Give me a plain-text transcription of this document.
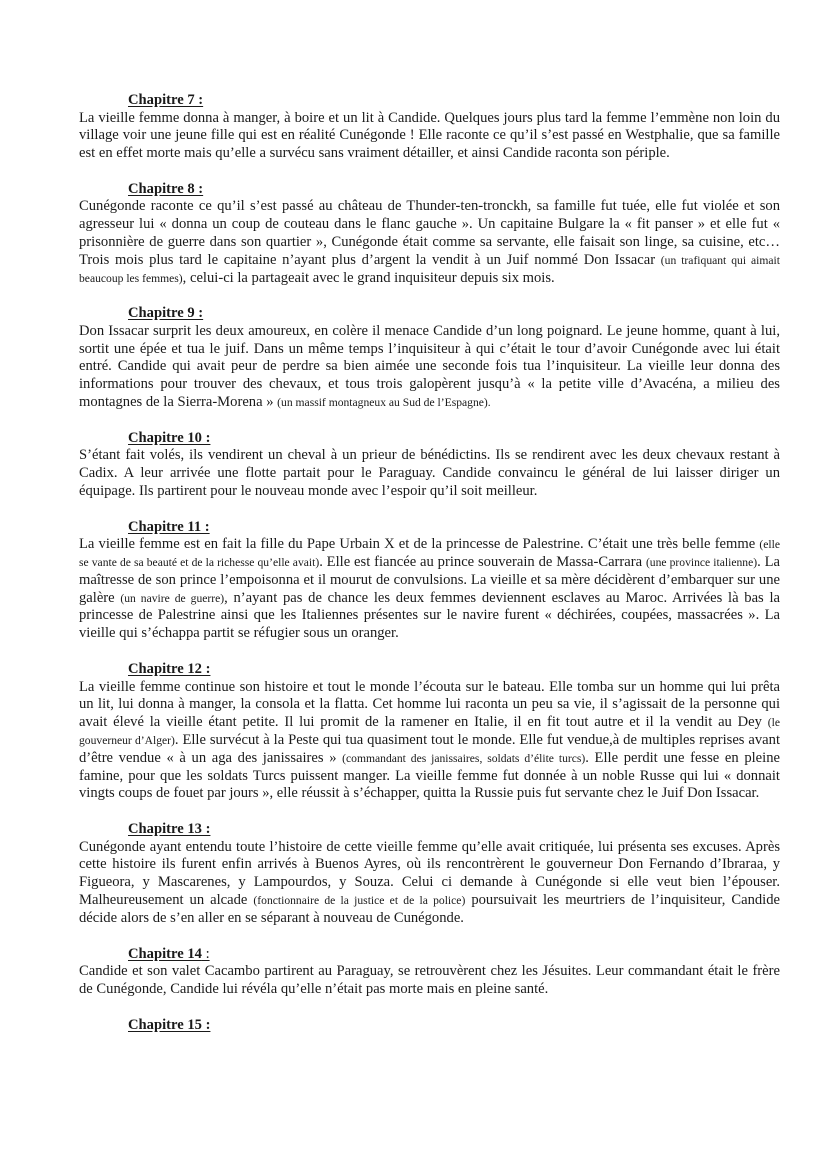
Chapitre 7 :

La vieille femme donna à manger, à boire et un lit à Candide. Quelques jours plus tard la femme l’emmène non loin du village voir une jeune fille qui est en réalité Cunégonde ! Elle raconte ce qu’il s’est passé en Westphalie, que sa famille est en effet morte mais qu’elle a survécu sans vraiment détailler, et ainsi Candide raconta son périple.

Chapitre 8 :

Cunégonde raconte ce qu’il s’est passé au château de Thunder-ten-tronckh, sa famille fut tuée, elle fut violée et son agresseur lui « donna un coup de couteau dans le flanc gauche ». Un capitaine Bulgare la « fit panser » et elle fut « prisonnière de guerre dans son quartier », Cunégonde était comme sa servante, elle faisait son linge, sa cuisine, etc… Trois mois plus tard le capitaine n’ayant plus d’argent la vendit à un Juif nommé Don Issacar (un trafiquant qui aimait beaucoup les femmes), celui-ci la partageait avec le grand inquisiteur depuis six mois.

Chapitre 9 :

Don Issacar surprit les deux amoureux, en colère il menace Candide d’un long poignard. Le jeune homme, quant à lui, sortit une épée et tua le juif. Dans un même temps l’inquisiteur à qui c’était le tour d’avoir Cunégonde avec lui était entré. Candide qui avait peur de perdre sa bien aimée une seconde fois tua l’inquisiteur. La vieille leur donna des informations pour trouver des chevaux, et tous trois galopèrent jusqu’à « la petite ville d’Avacéna, a milieu des montagnes de la Sierra-Morena » (un massif montagneux au Sud de l’Espagne).

Chapitre 10 :

S’étant fait volés, ils vendirent un cheval à un prieur de bénédictins. Ils se rendirent avec les deux chevaux restant à Cadix. A leur arrivée une flotte partait pour le Paraguay. Candide convaincu le général de lui laisser diriger un équipage. Ils partirent pour le nouveau monde avec l’espoir qu’il soit meilleur.

Chapitre 11 :

La vieille femme est en fait la fille du Pape Urbain X et de la princesse de Palestrine. C’était une très belle femme (elle se vante de sa beauté et de la richesse qu’elle avait). Elle est fiancée au prince souverain de Massa-Carrara (une province italienne). La maîtresse de son prince l’empoisonna et il mourut de convulsions. La vieille et sa mère décidèrent d’embarquer sur une galère (un navire de guerre), n’ayant pas de chance les deux femmes deviennent esclaves au Maroc. Arrivées là bas la princesse de Palestrine ainsi que les Italiennes présentes sur le navire furent « déchirées, coupées, massacrées ». La vieille qui s’échappa partit se réfugier sous un oranger.

Chapitre 12 :

La vieille femme continue son histoire et tout le monde l’écouta sur le bateau. Elle tomba sur un homme qui lui prêta un lit, lui donna à manger, la consola et la flatta. Cet homme lui raconta un peu sa vie, il s’agissait de la personne qui avait élevé la vieille étant petite. Il lui promit de la ramener en Italie, il en fit tout autre et il la vendit au Dey (le gouverneur d’Alger). Elle survécut à la Peste qui tua quasiment tout le monde. Elle fut vendue,à de multiples reprises avant d’être vendue « à un aga des janissaires » (commandant des janissaires, soldats d’élite turcs). Elle perdit une fesse en pleine famine, pour que les soldats Turcs puissent manger. La vieille femme fut donnée à un noble Russe qui lui « donnait vingts coups de fouet par jours », elle réussit à s’échapper, quitta la Russie puis fut servante chez le Juif Don Issacar.

Chapitre 13 :

Cunégonde ayant entendu toute l’histoire de cette vieille femme qu’elle avait critiquée, lui présenta ses excuses. Après cette histoire ils furent enfin arrivés à Buenos Ayres, où ils rencontrèrent le gouverneur Don Fernando d’Ibraraa, y Figueora, y Mascarenes, y Lampourdos, y Souza. Celui ci demande à Cunégonde si elle veut bien l’épouser. Malheureusement un alcade (fonctionnaire de la justice et de la police) poursuivait les meurtriers de l’inquisiteur, Candide décide alors de s’en aller en se séparant à nouveau de Cunégonde.

Chapitre 14 :

Candide et son valet Cacambo partirent au Paraguay, se retrouvèrent chez les Jésuites. Leur commandant était le frère de Cunégonde, Candide lui révéla qu’elle n’était pas morte mais en pleine santé.

Chapitre 15 :
